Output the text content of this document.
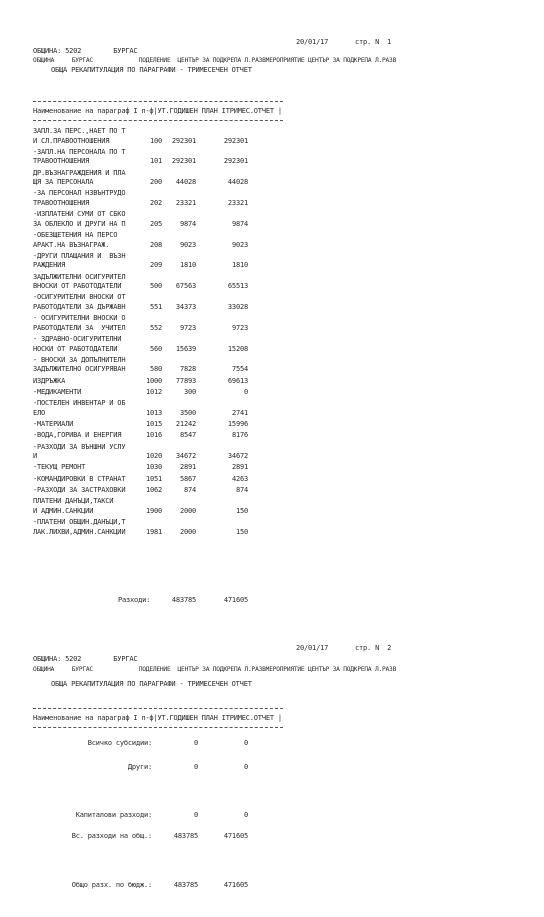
20/01/17	стр. N  1
ОБЩИНА: 5202        БУРГАС
ОБЩИНА     БУРГАС             ПОДЕЛЕНИЕ  ЦЕНТЪР ЗА ПОДКРЕПА Л.РАЗВМЕРОПРИЯТИЕ ЦЕНТЪР ЗА ПОДКРЕПА Л.РАЗВ
ОБЩА РЕКАПИТУЛАЦИЯ ПО ПАРАГРАФИ - ТРИМЕСЕЧЕН ОТЧЕТ
Наименование на параграф I п-ф|УТ.ГОДИШЕН ПЛАН IТРИМЕС.ОТЧЕТ |
ЗАПЛ.ЗА ПЕРС.,НАЕТ ПО Т
И СЛ.ПРАВООТНОШЕНИЯ	100	292301	292301
-ЗАПЛ.НА ПЕРСОНАЛА ПО Т
ТРАВООТНОШЕНИЯ	101	292301	292301
ДР.ВЪЗНАГРАЖДЕНИЯ И ПЛА
ЩЯ ЗА ПЕРСОНАЛА	200	44028	44028
-ЗА ПЕРСОНАЛ НЗВЪНТРУДО
ТРАВООТНОШЕНИЯ	202	23321	23321
-ИЗПЛАТЕНИ СУМИ ОТ СБКО
ЗА ОБЛЕКЛО И ДРУГИ НА П	205	9874	9874
-ОБЕЗЩЕТЕНИЯ НА ПЕРСО
АРАКТ.НА ВЪЗНАГРАЖ.	208	9023	9023
-ДРУГИ ПЛАЩАНИЯ И  ВЪЗН
РАЖДЕНИЯ	209	1810	1810
ЗАДЪЛЖИТЕЛНИ ОСИГУРИТЕЛ
ВНОСКИ ОТ РАБОТОДАТЕЛИ	500	67563	65513
-ОСИГУРИТЕЛНИ ВНОСКИ ОТ
РАБОТОДАТЕЛИ ЗА ДЪРЖАВН	551	34373	33028
- ОСИГУРИТЕЛНИ ВНОСКИ О
РАБОТОДАТЕЛИ ЗА  УЧИТЕЛ	552	9723	9723
- ЗДРАВНО-ОСИГУРИТЕЛНИ
НОСКИ ОТ РАБОТОДАТЕЛИ	560	15639	15208
- ВНОСКИ ЗА ДОПЪЛНИТЕЛН
ЗАДЪЛЖИТЕЛНО ОСИГУРЯВАН	580	7828	7554
ИЗДРЪЖКА	1000	77893	69613
-МЕДИКАМЕНТИ	1012	300	0
-ПОСТЕЛЕН ИНВЕНТАР И ОБ
ЕЛО	1013	3500	2741
-МАТЕРИАЛИ	1015	21242	15996
-ВОДА,ГОРИВА И ЕНЕРГИЯ	1016	8547	8176
-РАЗХОДИ ЗА ВЪНШНИ УСЛУ
И	1020	34672	34672
-ТЕКУЩ РЕМОНТ	1030	2891	2891
-КОМАНДИРОВКИ В СТРАНАТ	1051	5867	4263
-РАЗХОДИ ЗА ЗАСТРАХОВКИ	1062	874	874
ПЛАТЕНИ ДАНЪЦИ,ТАКСИ
И АДМИН.САНКЦИИ	1900	2000	150
-ПЛАТЕНИ ОБЩИН.ДАНЪЦИ,Т
ЛАК.ЛИХВИ,АДМИН.САНКЦИИ	1981	2000	150
Разходи:	483785	471605
20/01/17	стр. N  2
ОБЩИНА: 5202        БУРГАС
ОБЩИНА     БУРГАС             ПОДЕЛЕНИЕ  ЦЕНТЪР ЗА ПОДКРЕПА Л.РАЗВМЕРОПРИЯТИЕ ЦЕНТЪР ЗА ПОДКРЕПА Л.РАЗВ
ОБЩА РЕКАПИТУЛАЦИЯ ПО ПАРАГРАФИ - ТРИМЕСЕЧЕН ОТЧЕТ
Наименование на параграф I п-ф|УТ.ГОДИШЕН ПЛАН IТРИМЕС.ОТЧЕТ |
Всичко субсидии:	0	0
Други:	0	0
Капиталови разходи:	0	0
Вс. разходи на общ.:	483785	471605
Общо разх. по бюдж.:	483785	471605
